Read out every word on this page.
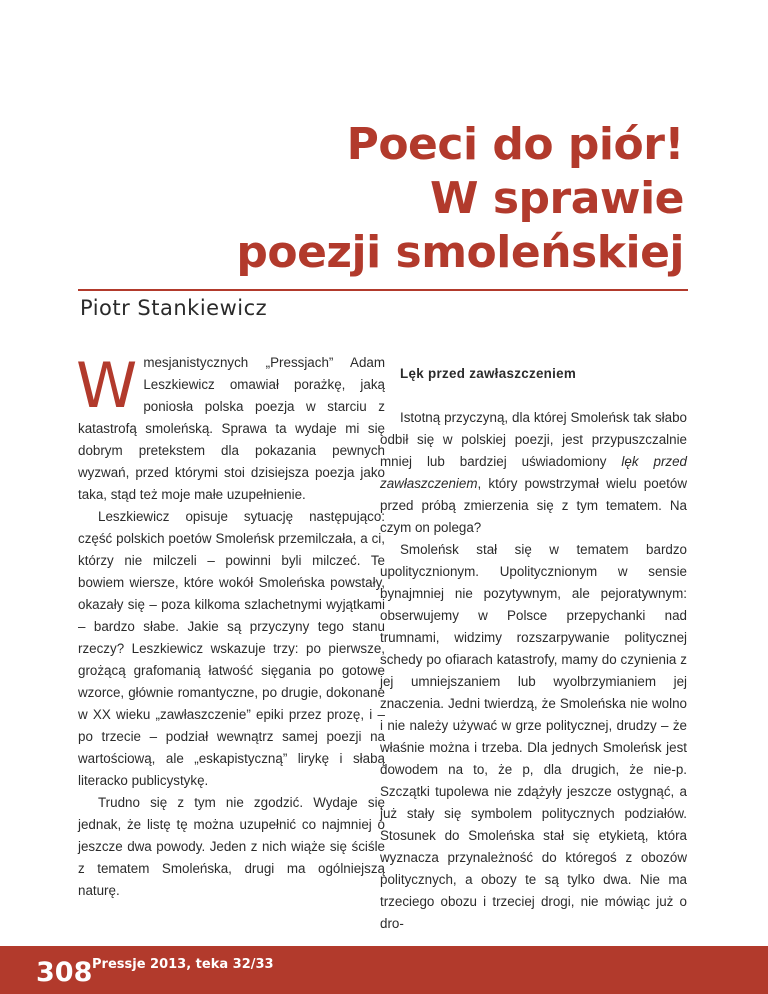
Poeci do piór!
W sprawie
poezji smoleńskiej
Piotr Stankiewicz

Wmesjanistycznych „Pressjach” Adam Leszkiewicz omawiał porażkę, jaką poniosła polska poezja w starciu z katastrofą smoleńską. Sprawa ta wydaje mi się dobrym pretekstem dla pokazania pewnych wyzwań, przed którymi stoi dzisiejsza poezja jako taka, stąd też moje małe uzupełnienie.

Leszkiewicz opisuje sytuację następująco: część polskich poetów Smoleńsk przemilczała, a ci, którzy nie milczeli – powinni byli milczeć. Te bowiem wiersze, które wokół Smoleńska powstały, okazały się – poza kilkoma szlachetnymi wyjątkami – bardzo słabe. Jakie są przyczyny tego stanu rzeczy? Leszkiewicz wskazuje trzy: po pierwsze, grożącą grafomanią łatwość sięgania po gotowe wzorce, głównie romantyczne, po drugie, dokonane w XX wieku „zawłaszczenie” epiki przez prozę, i – po trzecie – podział wewnątrz samej poezji na wartościową, ale „eskapistyczną” lirykę i słabą literacko publicystykę.

Trudno się z tym nie zgodzić. Wydaje się jednak, że listę tę można uzupełnić co najmniej o jeszcze dwa powody. Jeden z nich wiąże się ściśle z tematem Smoleńska, drugi ma ogólniejszą naturę.

Lęk przed zawłaszczeniem

Istotną przyczyną, dla której Smoleńsk tak słabo odbił się w polskiej poezji, jest przypuszczalnie mniej lub bardziej uświadomiony lęk przed zawłaszczeniem, który powstrzymał wielu poetów przed próbą zmierzenia się z tym tematem. Na czym on polega?

Smoleńsk stał się w tematem bardzo upolitycznionym. Upolitycznionym w sensie bynajmniej nie pozytywnym, ale pejoratywnym: obserwujemy w Polsce przepychanki nad trumnami, widzimy rozszarpywanie politycznej schedy po ofiarach katastrofy, mamy do czynienia z jej umniejszaniem lub wyolbrzymianiem jej znaczenia. Jedni twierdzą, że Smoleńska nie wolno i nie należy używać w grze politycznej, drudzy – że właśnie można i trzeba. Dla jednych Smoleńsk jest dowodem na to, że p, dla drugich, że nie-p. Szczątki tupolewa nie zdążyły jeszcze ostygnąć, a już stały się symbolem politycznych podziałów. Stosunek do Smoleńska stał się etykietą, która wyznacza przynależność do któregoś z obozów politycznych, a obozy te są tylko dwa. Nie ma trzeciego obozu i trzeciej drogi, nie mówiąc już o dro-

308 Pressje 2013, teka 32/33
